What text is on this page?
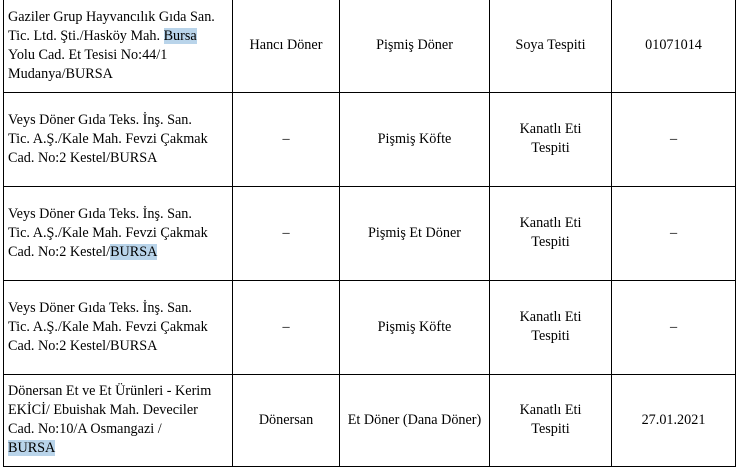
Gaziler Grup Hayvancılık Gıda San.
Tic. Ltd. Şti./Hasköy Mah. Bursa
Yolu Cad. Et Tesisi No:44/1
Mudanya/BURSA	Hancı Döner	Pişmiş Döner	Soya Tespiti	01071014
Veys Döner Gıda Teks. İnş. San.
Tic. A.Ş./Kale Mah. Fevzi Çakmak
Cad. No:2 Kestel/BURSA	–	Pişmiş Köfte	Kanatlı Eti
Tespiti	–
Veys Döner Gıda Teks. İnş. San.
Tic. A.Ş./Kale Mah. Fevzi Çakmak
Cad. No:2 Kestel/BURSA	–	Pişmiş Et Döner	Kanatlı Eti
Tespiti	–
Veys Döner Gıda Teks. İnş. San.
Tic. A.Ş./Kale Mah. Fevzi Çakmak
Cad. No:2 Kestel/BURSA	–	Pişmiş Köfte	Kanatlı Eti
Tespiti	–
Dönersan Et ve Et Ürünleri - Kerim
EKİCİ/ Ebuishak Mah. Deveciler
Cad. No:10/A Osmangazi /
BURSA	Dönersan	Et Döner (Dana Döner)	Kanatlı Eti
Tespiti	27.01.2021
